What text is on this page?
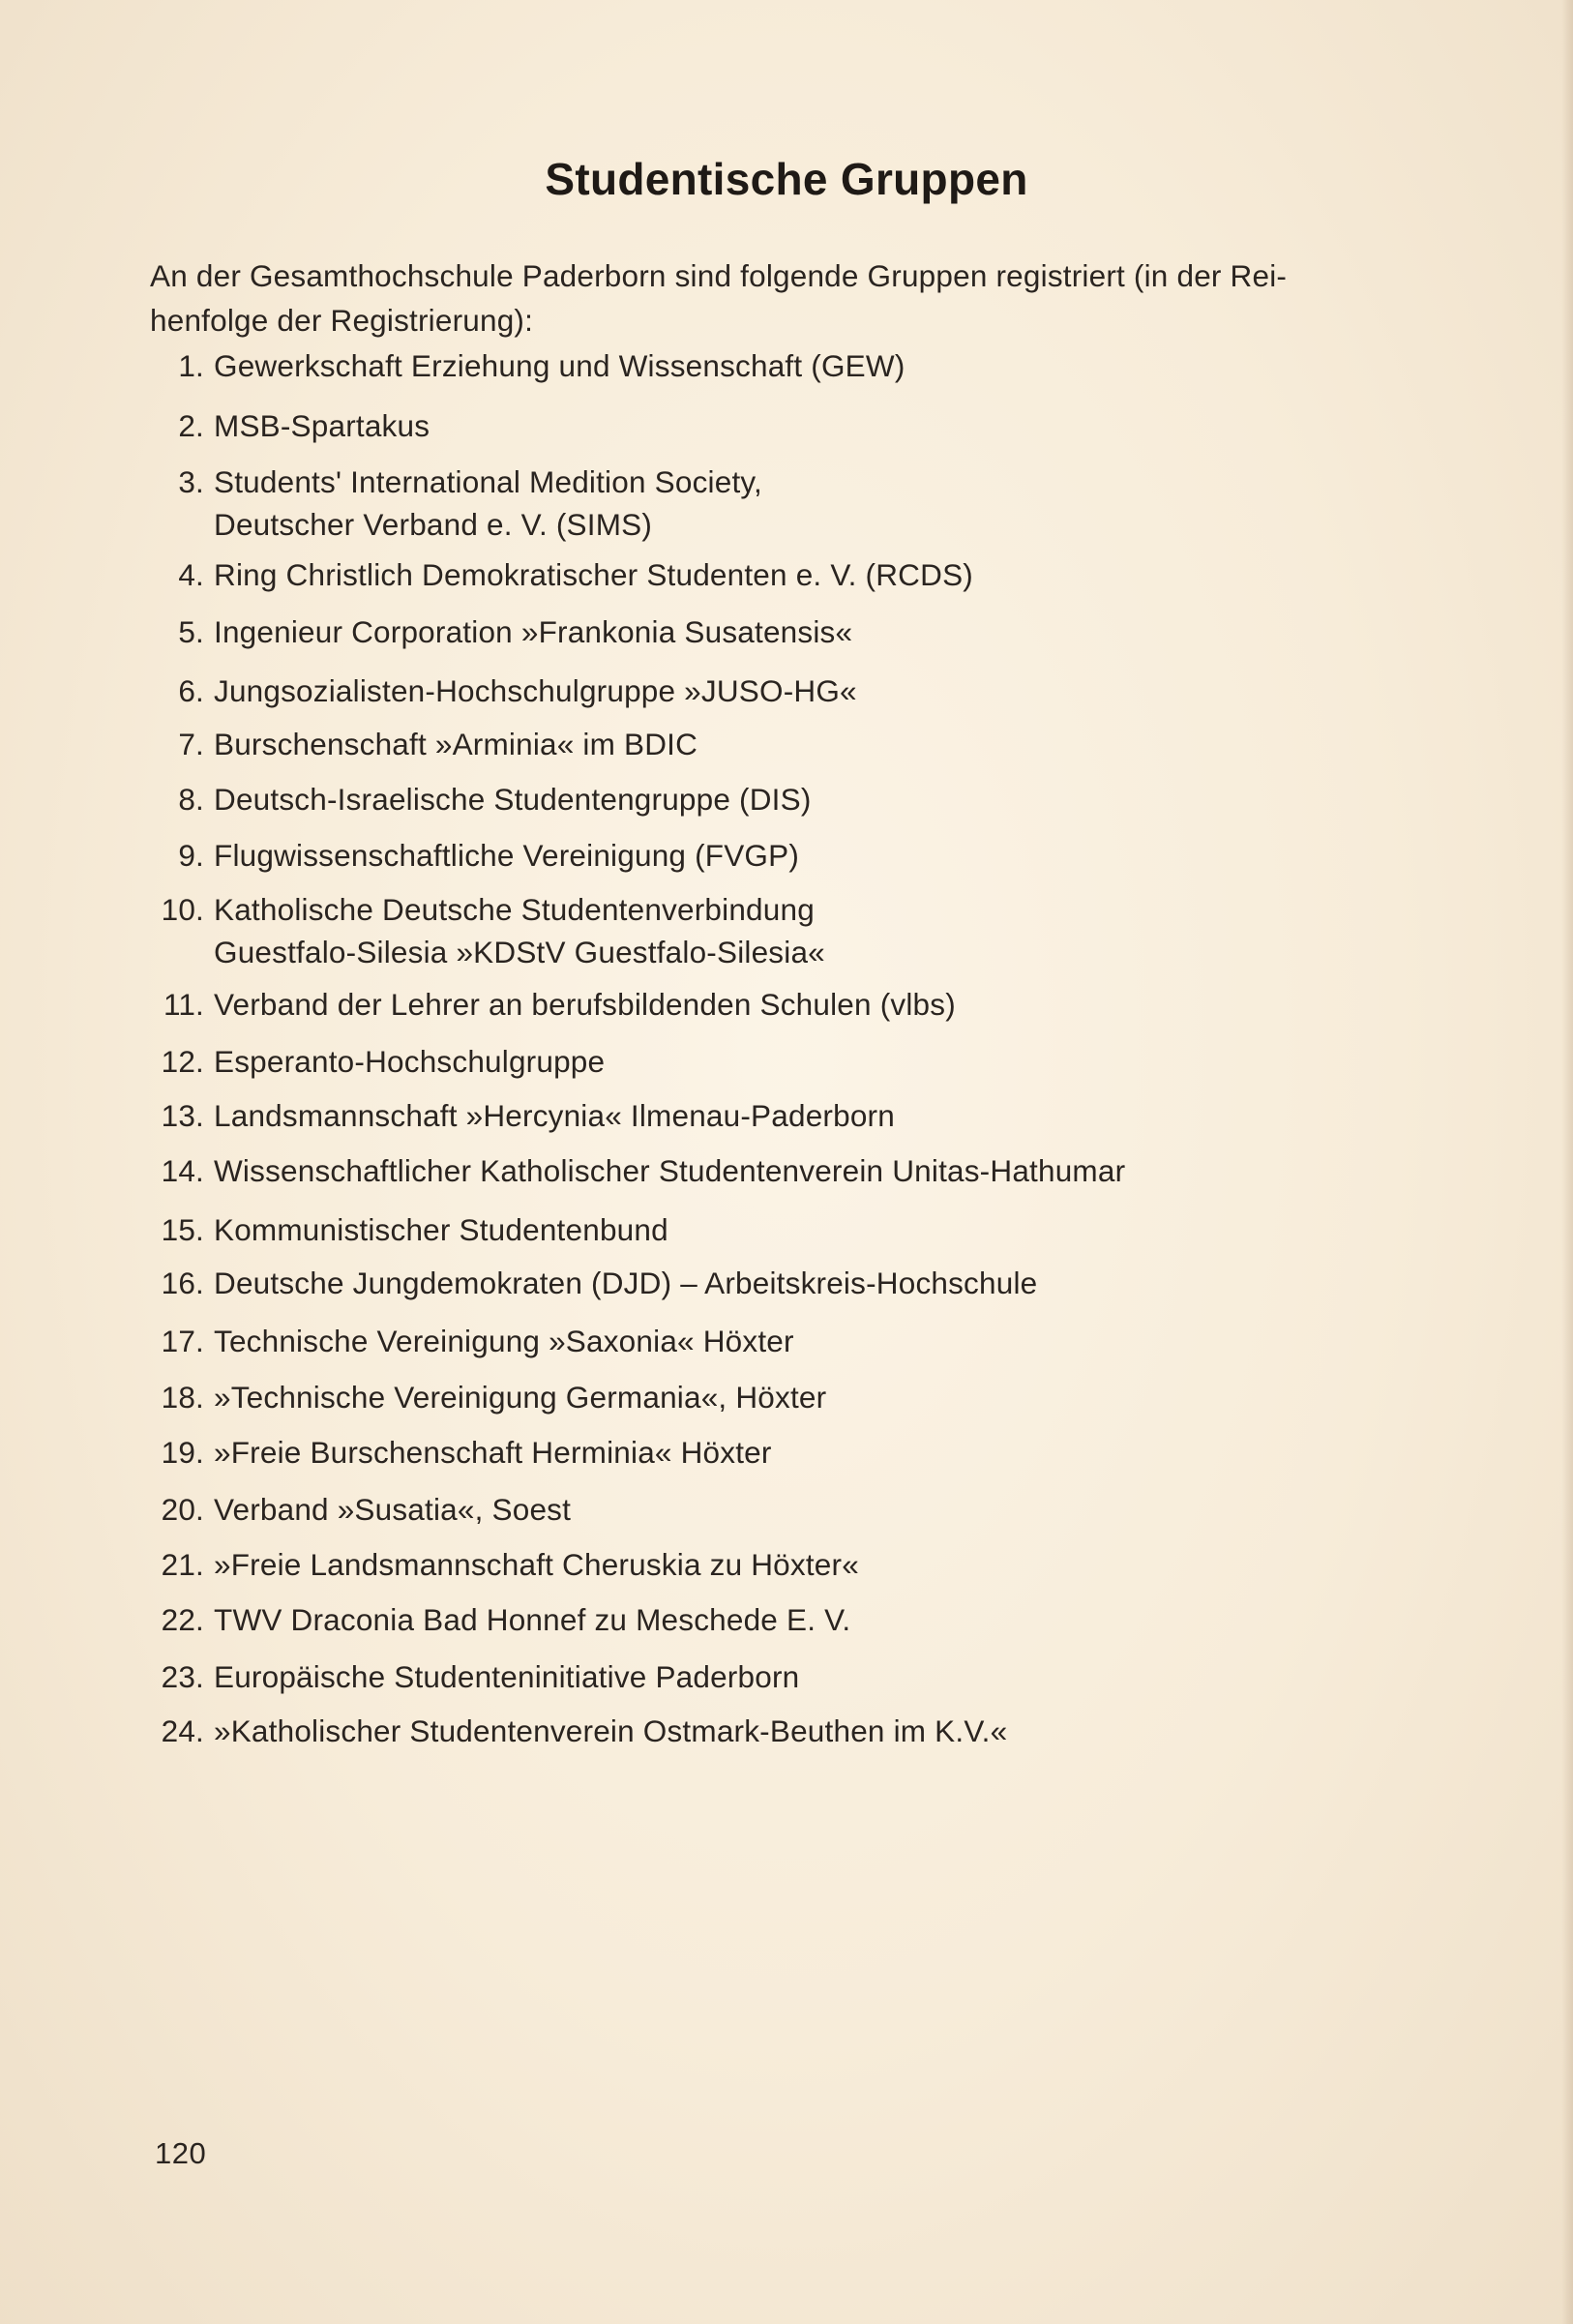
Studentische Gruppen
An der Gesamthochschule Paderborn sind folgende Gruppen registriert (in der Rei-
henfolge der Registrierung):
1. Gewerkschaft Erziehung und Wissenschaft (GEW)
2. MSB-Spartakus
3. Students' International Medition Society,
Deutscher Verband e. V. (SIMS)
4. Ring Christlich Demokratischer Studenten e. V. (RCDS)
5. Ingenieur Corporation »Frankonia Susatensis«
6. Jungsozialisten-Hochschulgruppe »JUSO-HG«
7. Burschenschaft »Arminia« im BDIC
8. Deutsch-Israelische Studentengruppe (DIS)
9. Flugwissenschaftliche Vereinigung (FVGP)
10. Katholische Deutsche Studentenverbindung
Guestfalo-Silesia »KDStV Guestfalo-Silesia«
11. Verband der Lehrer an berufsbildenden Schulen (vlbs)
12. Esperanto-Hochschulgruppe
13. Landsmannschaft »Hercynia« Ilmenau-Paderborn
14. Wissenschaftlicher Katholischer Studentenverein Unitas-Hathumar
15. Kommunistischer Studentenbund
16. Deutsche Jungdemokraten (DJD) – Arbeitskreis-Hochschule
17. Technische Vereinigung »Saxonia« Höxter
18. »Technische Vereinigung Germania«, Höxter
19. »Freie Burschenschaft Herminia« Höxter
20. Verband »Susatia«, Soest
21. »Freie Landsmannschaft Cheruskia zu Höxter«
22. TWV Draconia Bad Honnef zu Meschede E. V.
23. Europäische Studenteninitiative Paderborn
24. »Katholischer Studentenverein Ostmark-Beuthen im K.V.«
120
